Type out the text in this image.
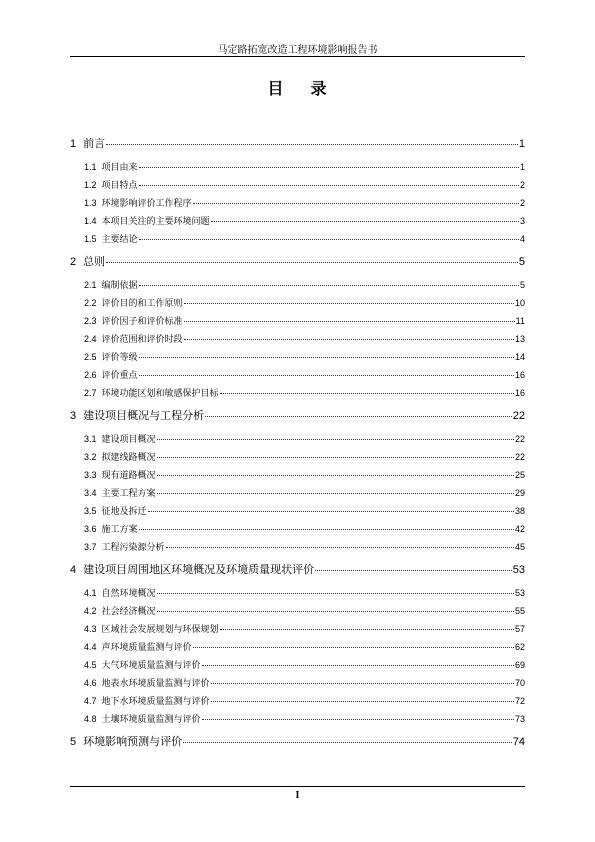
马定路拓宽改造工程环境影响报告书
目 录
1 前言	1
1.1 项目由来	1
1.2 项目特点	2
1.3 环境影响评价工作程序	2
1.4 本项目关注的主要环境问题	3
1.5 主要结论	4
2 总则	5
2.1 编制依据	5
2.2 评价目的和工作原则	10
2.3 评价因子和评价标准	11
2.4 评价范围和评价时段	13
2.5 评价等级	14
2.6 评价重点	16
2.7 环境功能区划和敏感保护目标	16
3 建设项目概况与工程分析	22
3.1 建设项目概况	22
3.2 拟建线路概况	22
3.3 现有道路概况	25
3.4 主要工程方案	29
3.5 征地及拆迁	38
3.6 施工方案	42
3.7 工程污染源分析	45
4 建设项目周围地区环境概况及环境质量现状评价	53
4.1 自然环境概况	53
4.2 社会经济概况	55
4.3 区域社会发展规划与环保规划	57
4.4 声环境质量监测与评价	62
4.5 大气环境质量监测与评价	69
4.6 地表水环境质量监测与评价	70
4.7 地下水环境质量监测与评价	72
4.8 土壤环境质量监测与评价	73
5 环境影响预测与评价	74
I
